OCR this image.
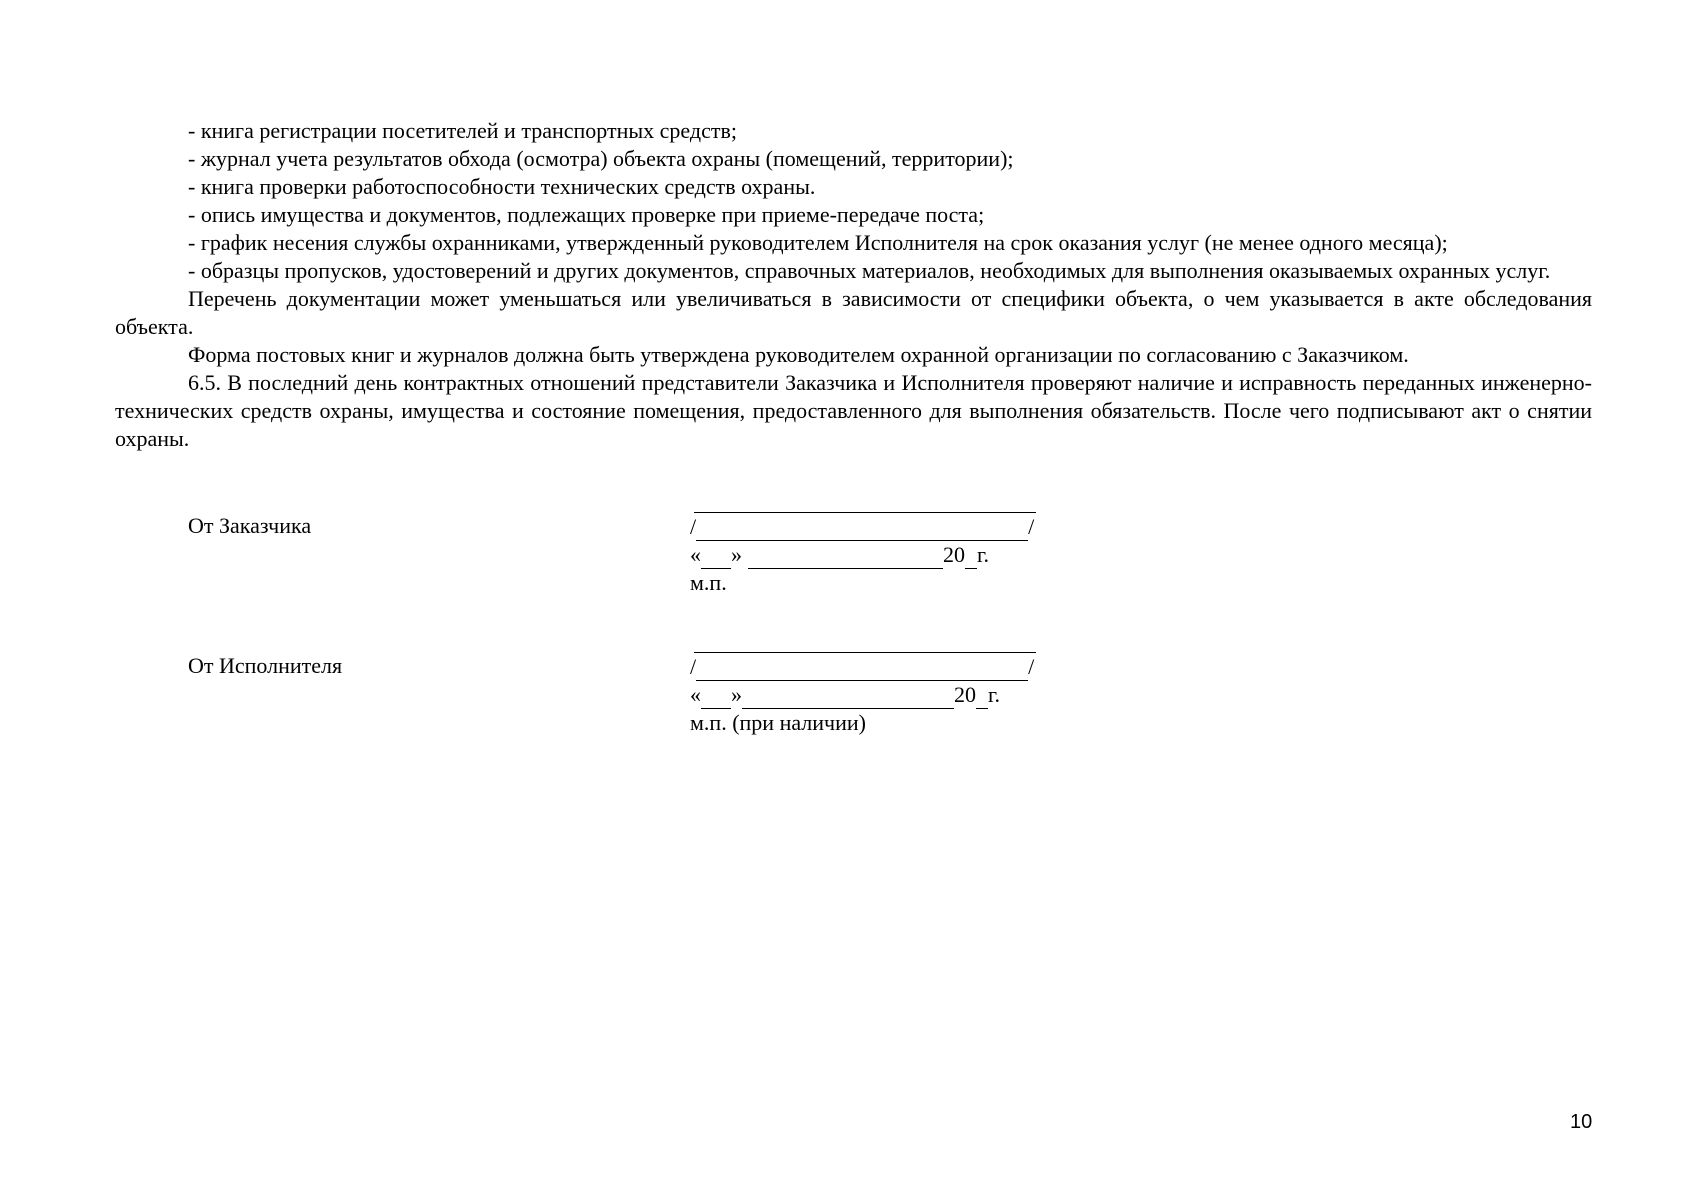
- книга регистрации посетителей и транспортных средств;

- журнал учета результатов обхода (осмотра) объекта охраны (помещений, территории);

- книга проверки работоспособности технических средств охраны.

- опись имущества и документов, подлежащих проверке при приеме-передаче поста;

- график несения службы охранниками, утвержденный руководителем Исполнителя на срок оказания услуг (не менее одного месяца);

- образцы пропусков, удостоверений и других документов, справочных материалов, необходимых для выполнения оказываемых охранных услуг.

Перечень документации может уменьшаться или увеличиваться в зависимости от специфики объекта, о чем указывается в акте обследования объекта.

Форма постовых книг и журналов должна быть утверждена руководителем охранной организации по согласованию с Заказчиком.

6.5. В последний день контрактных отношений представители Заказчика и Исполнителя проверяют наличие и исправность переданных инженерно-технических средств охраны, имущества и состояние помещения, предоставленного для выполнения обязательств. После чего подписывают акт о снятии охраны.

От Заказчика	/	/
« »	20 г.
м.п.
От Исполнителя	/	/
« »	20 г.
м.п. (при наличии)
10
